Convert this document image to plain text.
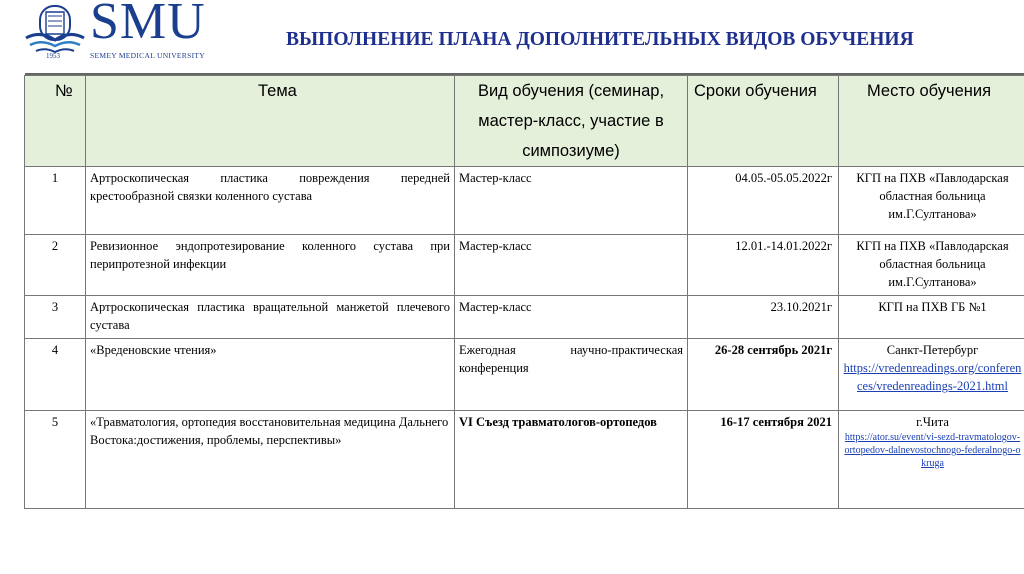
SMU
SEMEY MEDICAL UNIVERSITY
1953
ВЫПОЛНЕНИЕ ПЛАНА ДОПОЛНИТЕЛЬНЫХ ВИДОВ ОБУЧЕНИЯ
№	Тема	Вид обучения (семинар, мастер-класс, участие в симпозиуме)	Сроки обучения	Место обучения
1	Артроскопическая пластика повреждения передней крестообразной связки коленного сустава	Мастер-класс	04.05.-05.05.2022г	КГП на ПХВ «Павлодарская областная больница им.Г.Султанова»
2	Ревизионное эндопротезирование коленного сустава при перипротезной инфекции	Мастер-класс	12.01.-14.01.2022г	КГП на ПХВ «Павлодарская областная больница им.Г.Султанова»
3	Артроскопическая пластика вращательной манжетой плечевого сустава	Мастер-класс	23.10.2021г	КГП на ПХВ ГБ №1
4	«Вреденовские чтения»	Ежегодная научно-практическая конференция	26-28 сентябрь 2021г	Санкт-Петербург
https://vredenreadings.org/conferences/vredenreadings-2021.html
5	«Травматология, ортопедия восстановительная медицина Дальнего Востока:достижения, проблемы, перспективы»	VI Съезд травматологов-ортопедов	16-17 сентября 2021	г.Чита
https://ator.su/event/vi-sezd-travmatologov-ortopedov-dalnevostochnogo-federalnogo-okruga
